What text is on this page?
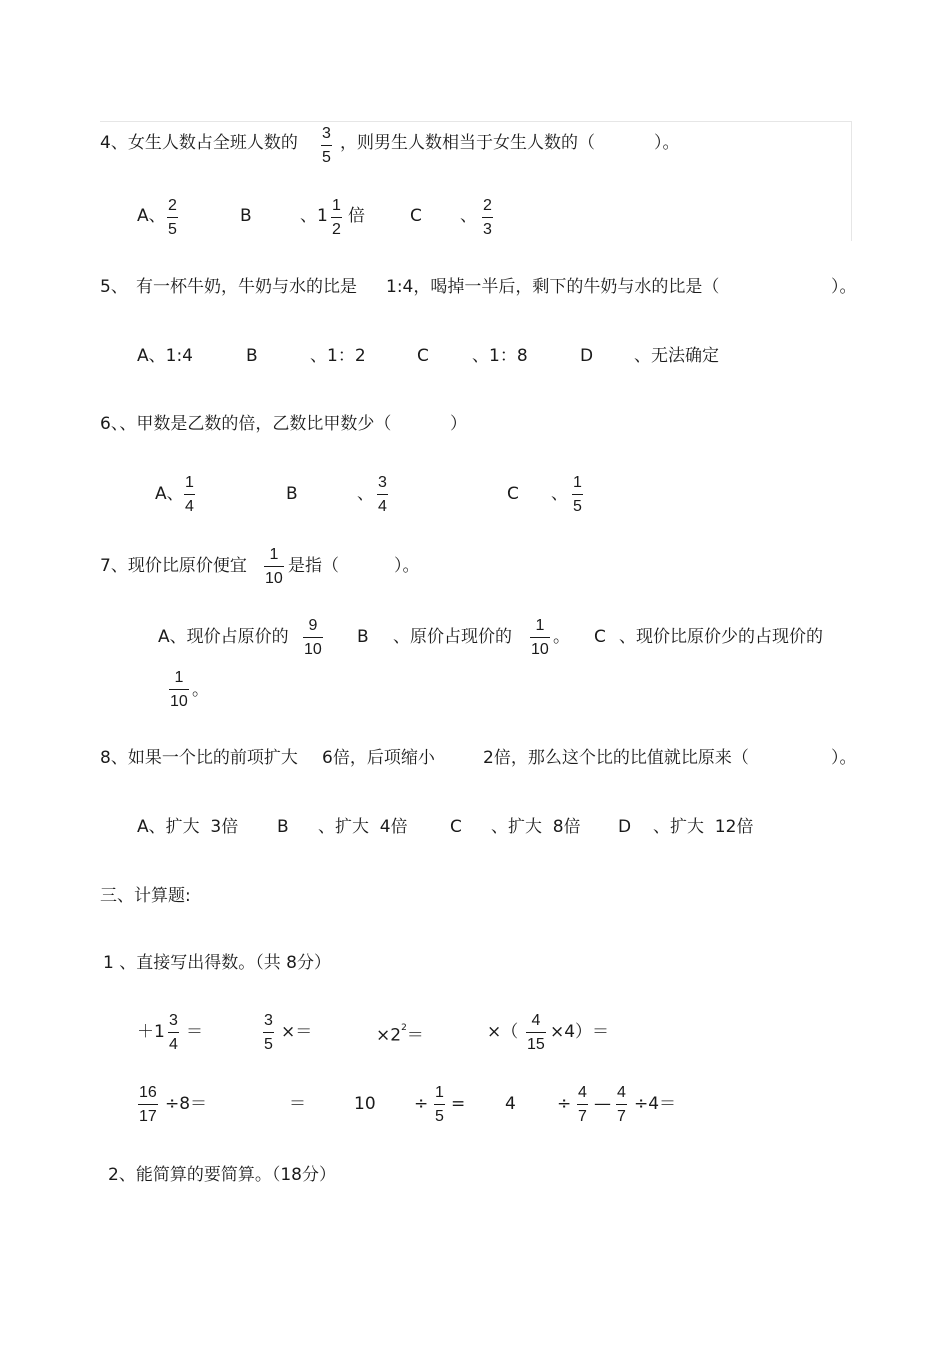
4、女生人数占全班人数的 3
5
，则男生人数相当于女生人数的（	）。
A、
2
5
B	、1
1
2
倍	C 、
2
3
5、 有一杯牛奶，牛奶与水的比是 1:4，喝掉一半后，剩下的牛奶与水的比是（	）。
A、1:4	B	、1：2	C	、1：8	D 、无法确定
6、、甲数是乙数的倍，乙数比甲数少（	）
A、
1
4
B	、
3
4
C 、
1
5
7、现价比原价便宜
1
10
是指（	）。
A、现价占原价的
9
10
B 、原价占现价的
1
10
。 C 、现价比原价少的占现价的
1
10
。
8、如果一个比的前项扩大 6倍，后项缩小	2倍，那么这个比的比值就比原来（	）。
A、扩大  3倍 B 、扩大  4倍 C 、扩大  8倍 D 、扩大  12倍
三、计算题:
1 、直接写出得数。（共 8分）
＋1
3
4
＝
3
5
×＝	$\times 2^2=$	×（
4
15
×4）＝
16
17
÷8＝	＝	10 ÷
1
5
= 4 ÷
4
7
—
4
7
÷4＝
2、能简算的要简算。（18分）
